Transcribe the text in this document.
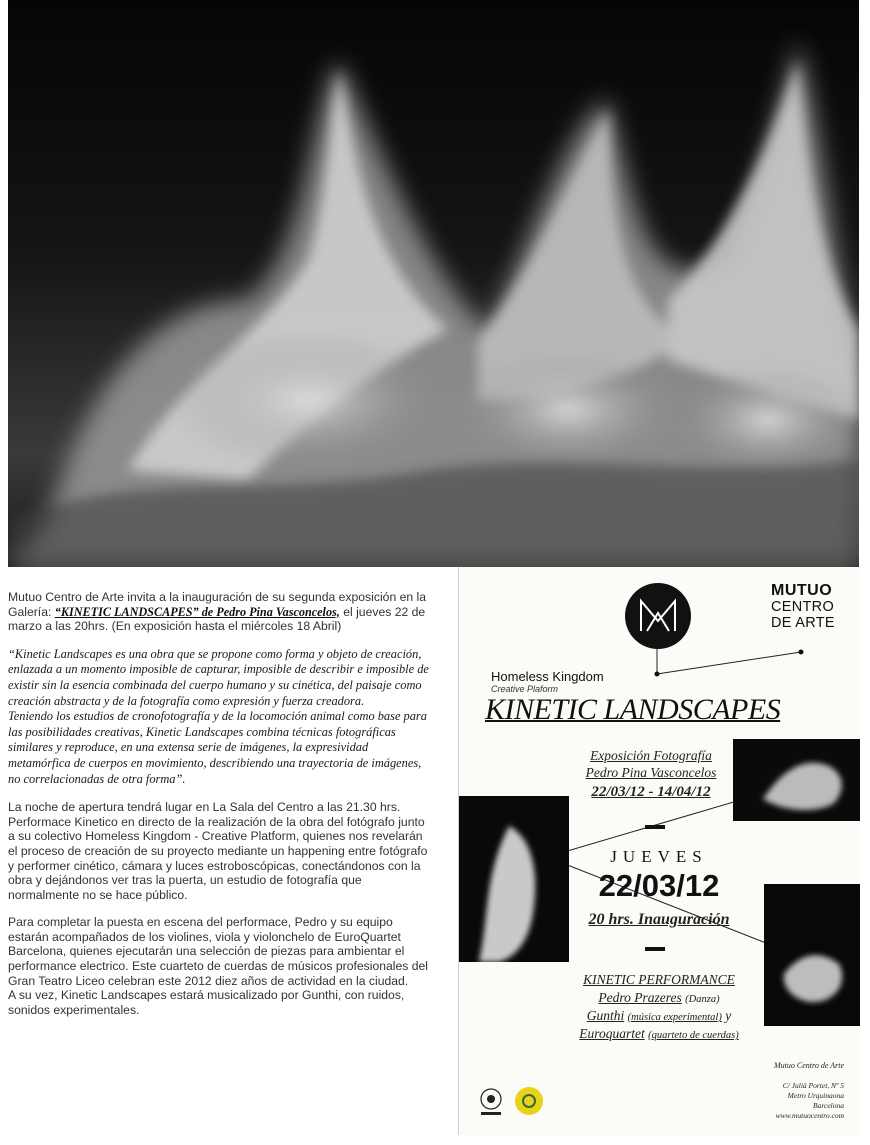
Mutuo Centro de Arte invita a la inauguración de su segunda exposición en la Galería: “KINETIC LANDSCAPES” de Pedro Pina Vasconcelos, el jueves 22 de marzo a las 20hrs. (En exposición hasta el miércoles 18 Abril)

“Kinetic Landscapes es una obra que se propone como forma y objeto de creación, enlazada a un momento imposible de capturar, imposible de describir e imposible de existir sin la esencia combinada del cuerpo humano y su cinética, del paisaje como creación abstracta y de la fotografía como expresión y fuerza creadora.
Teniendo los estudios de cronofotografía y de la locomoción animal como base para las posibilidades creativas, Kinetic Landscapes combina técnicas fotográficas similares y reproduce, en una extensa serie de imágenes, la expresividad metamórfica de cuerpos en movimiento, describiendo una trayectoria de imágenes, no correlacionadas de otra forma”.

La noche de apertura tendrá lugar en La Sala del Centro a las 21.30 hrs. Performace Kinetico en directo de la realización de la obra del fotógrafo junto a su colectivo Homeless Kingdom - Creative Platform, quienes nos revelarán el proceso de creación de su proyecto mediante un happening entre fotógrafo y performer cinético, cámara y luces estroboscópicas, conectándonos con la obra y dejándonos ver tras la puerta, un estudio de fotografía que normalmente no se hace público.

Para completar la puesta en escena del performace, Pedro y su equipo estarán acompañados de los violines, viola y violonchelo de EuroQuartet Barcelona, quienes ejecutarán una selección de piezas para ambientar el performance electrico. Este cuarteto de cuerdas de músicos profesionales del Gran Teatro Liceo celebran este 2012 diez años de actividad en la ciudad.

A su vez, Kinetic Landscapes estará musicalizado por Gunthi, con ruidos, sonidos experimentales.

MUTUO
CENTRO
DE ARTE
Homeless Kingdom
Creative Plaform
KINETIC LANDSCAPES
Exposición Fotografía
Pedro Pina Vasconcelos
22/03/12 - 14/04/12
JUEVES
22/03/12
20 hrs. Inauguración
KINETIC PERFORMANCE
Pedro Prazeres (Danza)
Gunthi (música experimental) y
Euroquartet (quarteto de cuerdas)
Mutuo Centro de Arte
C/ Julià Portet, Nº 5
Metro Urquinaona
Barcelona
www.mutuocentro.com
